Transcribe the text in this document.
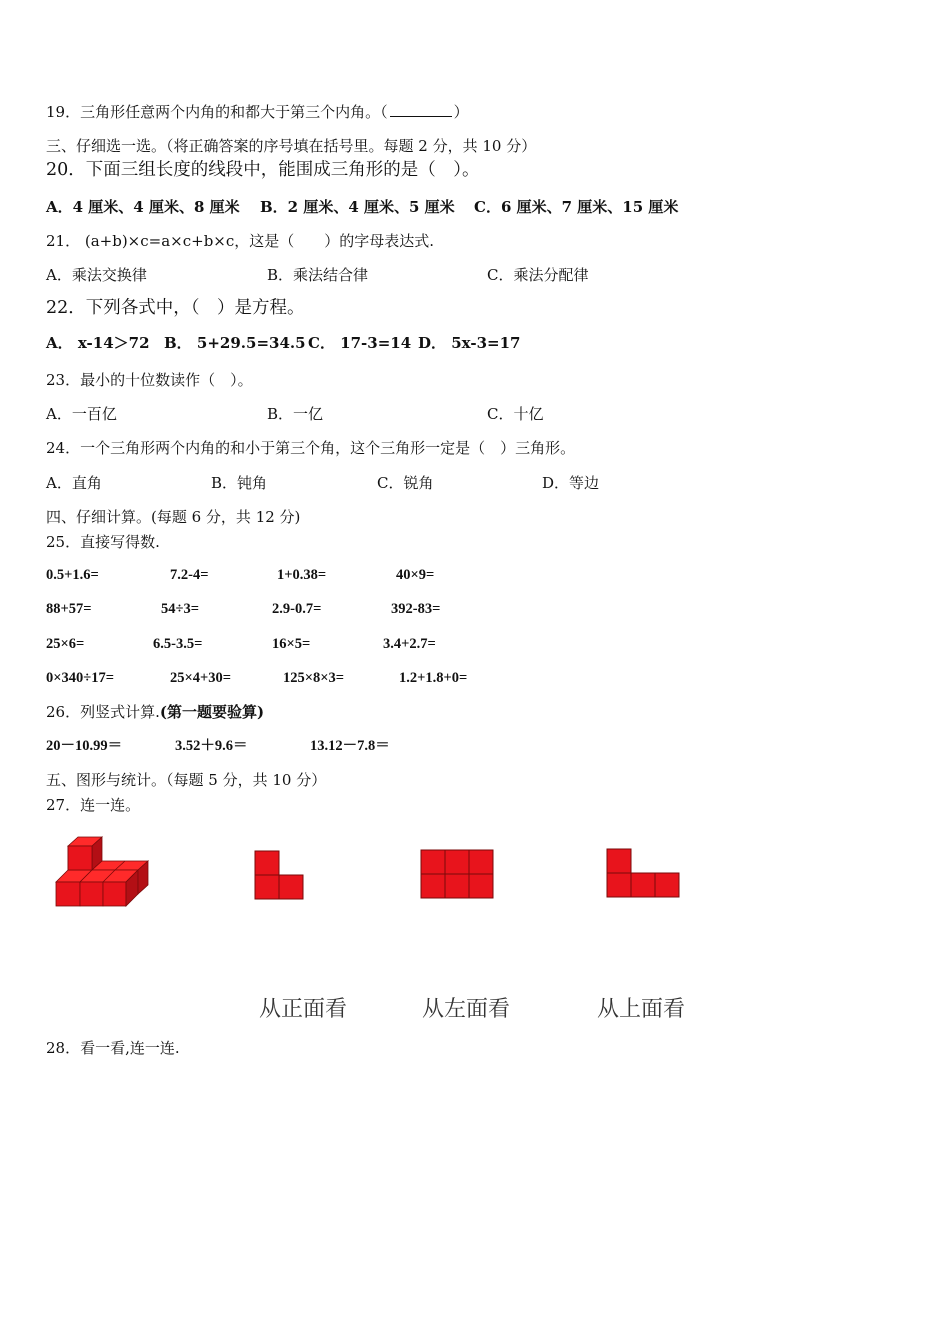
19．三角形任意两个内角的和都大于第三个内角。（	）
三、仔细选一选。（将正确答案的序号填在括号里。每题 2 分，共 10 分）
20．下面三组长度的线段中，能围成三角形的是（　）。
A．4 厘米、4 厘米、8 厘米 B．2 厘米、4 厘米、5 厘米 C．6 厘米、7 厘米、15 厘米
21． (a+b)×c=a×c+b×c，这是（　　）的字母表达式.
A．乘法交换律	B．乘法结合律	C．乘法分配律
22．下列各式中，（　）是方程。
A． x-14＞72 B． 5+29.5=34.5 C． 17-3=14 D． 5x-3=17
23．最小的十位数读作（　）。
A．一百亿	B．一亿	C．十亿
24．一个三角形两个内角的和小于第三个角，这个三角形一定是（　）三角形。
A．直角	B．钝角	C．锐角	D．等边
四、仔细计算。(每题 6 分，共 12 分)
25．直接写得数.
0.5+1.6=	7.2-4=	1+0.38=	40×9=
88+57=	54÷3=	2.9-0.7=	392-83=
25×6=	6.5-3.5=	16×5=	3.4+2.7=
0×340÷17=	25×4+30=	125×8×3=	1.2+1.8+0=
26．列竖式计算.(第一题要验算)
20－10.99＝	3.52＋9.6＝	13.12－7.8＝
五、图形与统计。（每题 5 分，共 10 分）
27．连一连。
从正面看	从左面看	从上面看
28．看一看,连一连.
